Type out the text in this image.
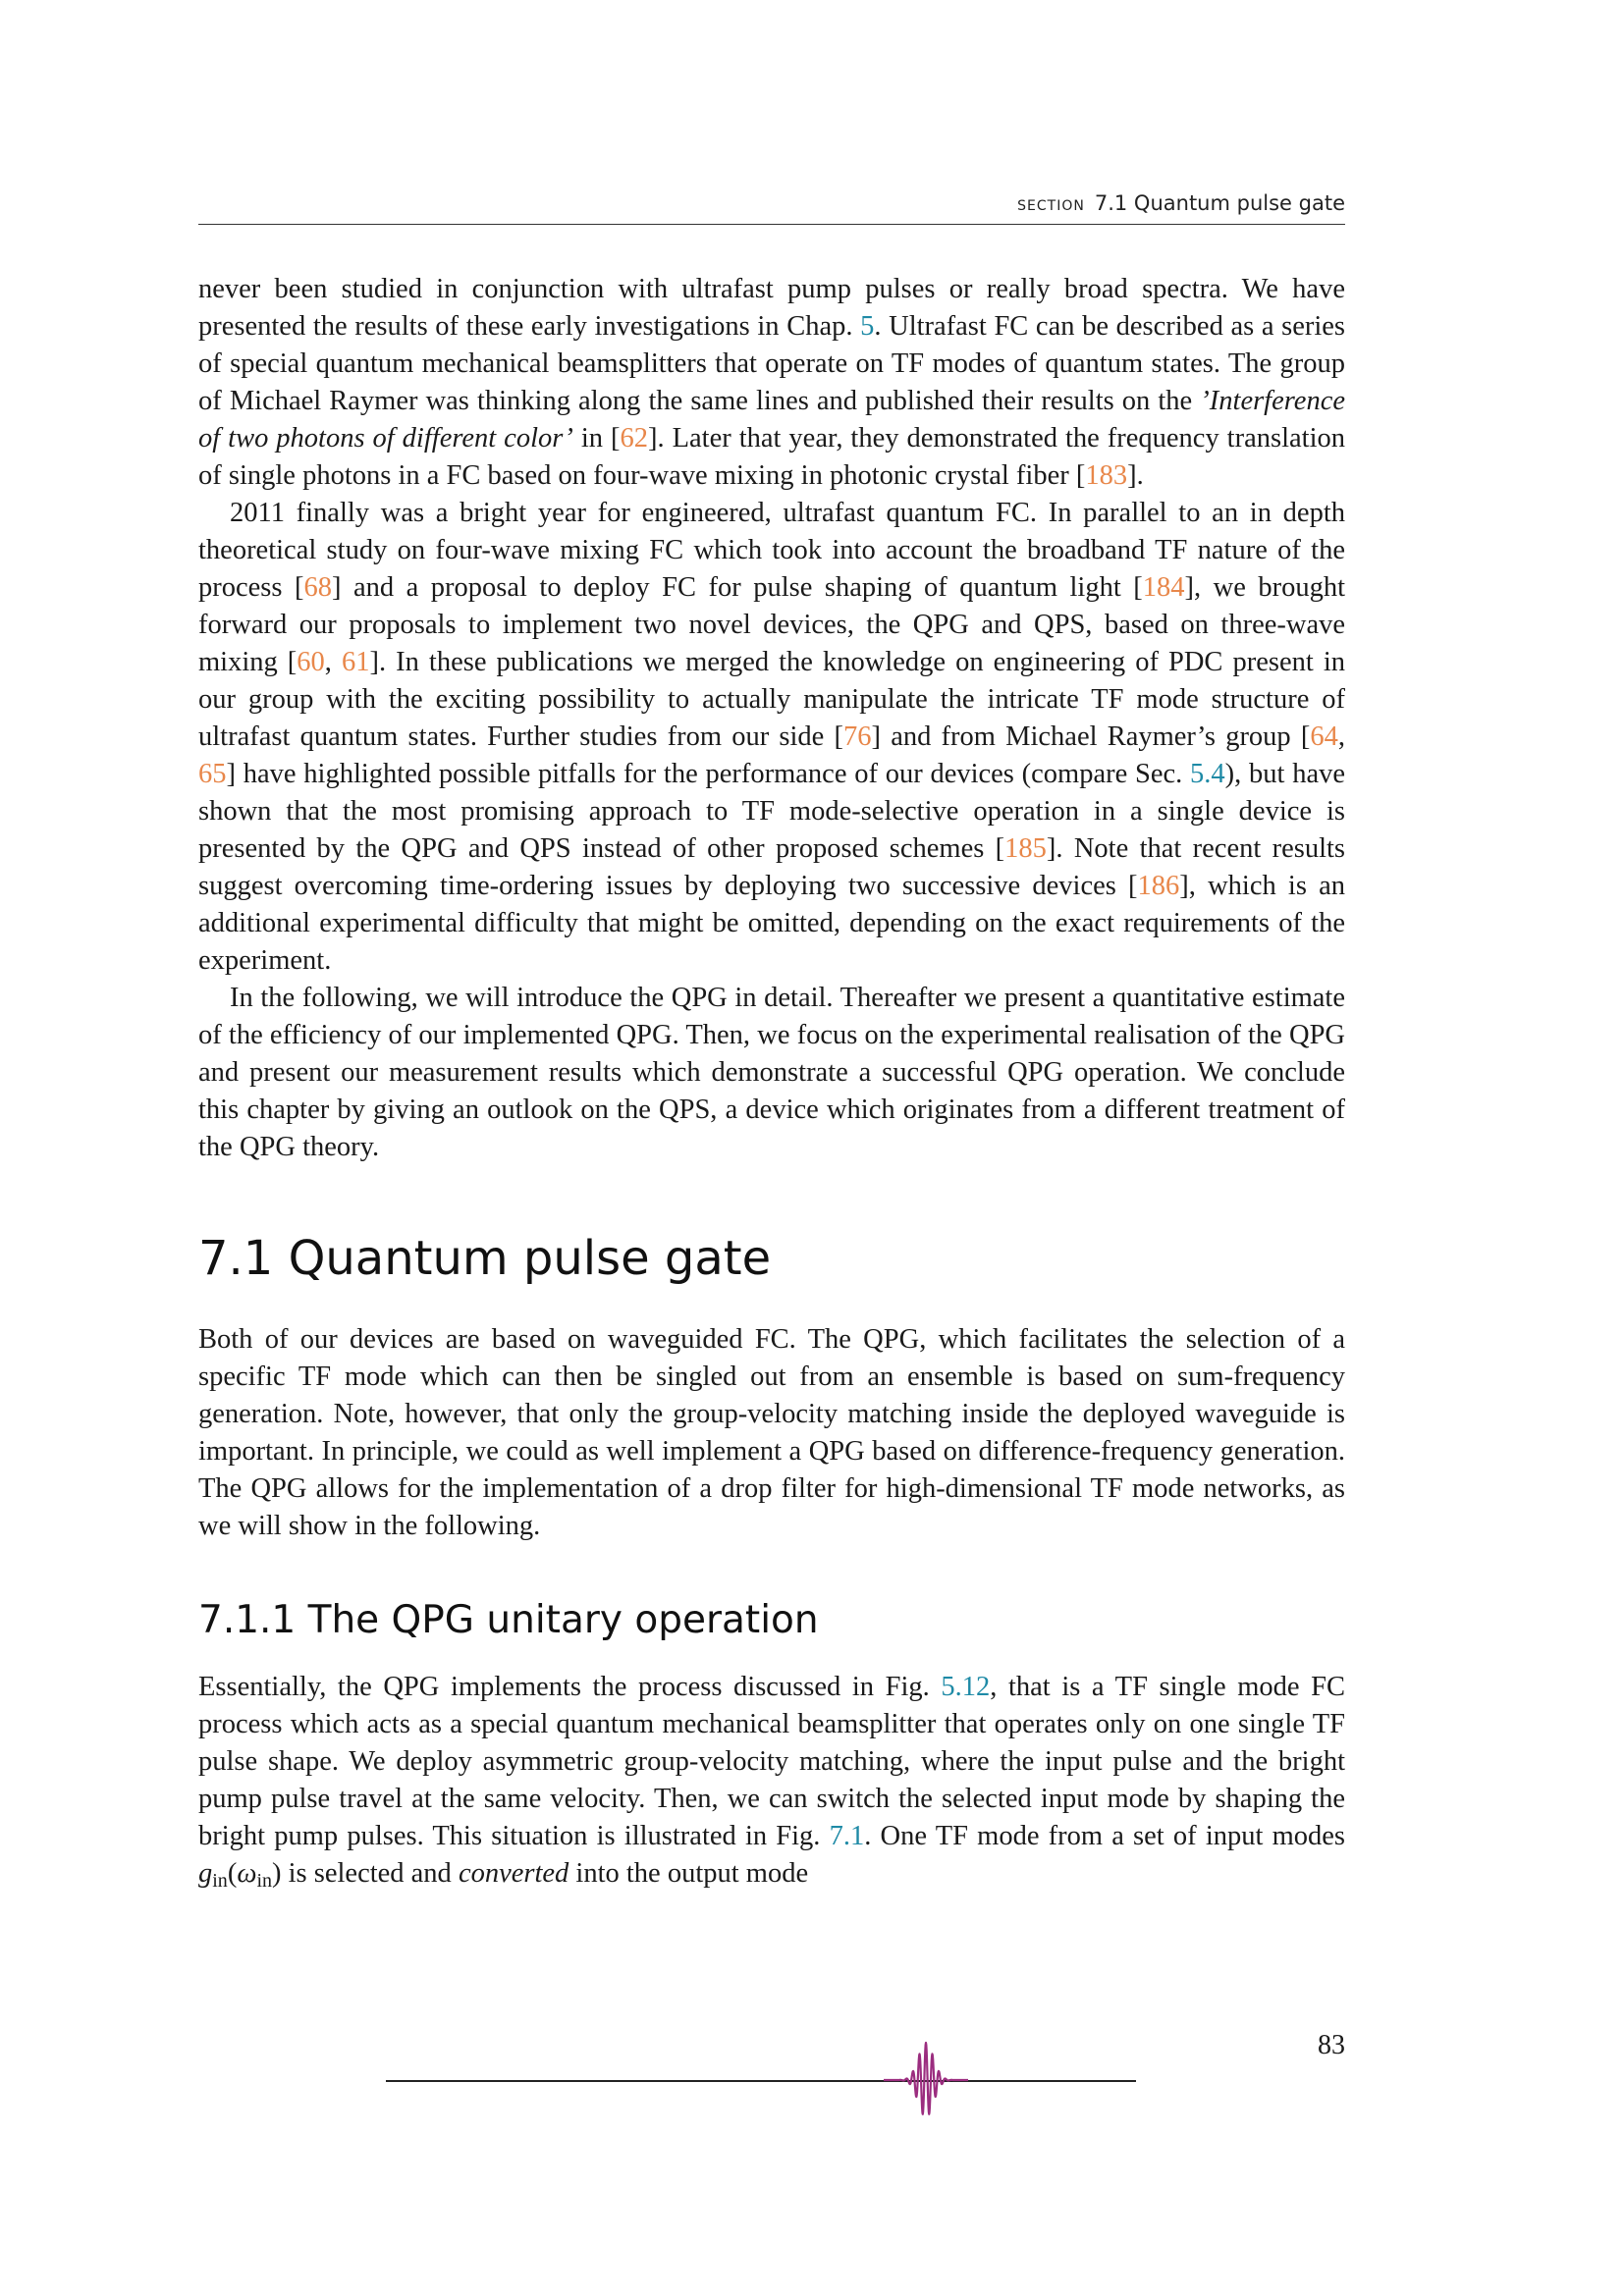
section 7.1 Quantum pulse gate

never been studied in conjunction with ultrafast pump pulses or really broad spectra. We have presented the results of these early investigations in Chap. 5. Ultrafast FC can be described as a series of special quantum mechanical beamsplitters that operate on TF modes of quantum states. The group of Michael Raymer was thinking along the same lines and published their results on the ’Interference of two photons of different color’ in [62]. Later that year, they demonstrated the frequency translation of single photons in a FC based on four-wave mixing in photonic crystal fiber [183].

2011 finally was a bright year for engineered, ultrafast quantum FC. In parallel to an in depth theoretical study on four-wave mixing FC which took into account the broadband TF nature of the process [68] and a proposal to deploy FC for pulse shaping of quantum light [184], we brought forward our proposals to implement two novel devices, the QPG and QPS, based on three-wave mixing [60, 61]. In these publications we merged the knowledge on engineering of PDC present in our group with the exciting possibility to actually manipulate the intricate TF mode structure of ultrafast quantum states. Further studies from our side [76] and from Michael Raymer’s group [64, 65] have highlighted possible pitfalls for the performance of our devices (compare Sec. 5.4), but have shown that the most promising approach to TF mode-selective operation in a single device is presented by the QPG and QPS instead of other proposed schemes [185]. Note that recent results suggest overcoming time-ordering issues by deploying two successive devices [186], which is an additional experimental difficulty that might be omitted, depending on the exact requirements of the experiment.

In the following, we will introduce the QPG in detail. Thereafter we present a quantitative estimate of the efficiency of our implemented QPG. Then, we focus on the experimental realisation of the QPG and present our measurement results which demonstrate a successful QPG operation. We conclude this chapter by giving an outlook on the QPS, a device which originates from a different treatment of the QPG theory.

7.1 Quantum pulse gate

Both of our devices are based on waveguided FC. The QPG, which facilitates the selection of a specific TF mode which can then be singled out from an ensemble is based on sum-frequency generation. Note, however, that only the group-velocity matching inside the deployed waveguide is important. In principle, we could as well implement a QPG based on difference-frequency generation. The QPG allows for the implementation of a drop filter for high-dimensional TF mode networks, as we will show in the following.

7.1.1 The QPG unitary operation

Essentially, the QPG implements the process discussed in Fig. 5.12, that is a TF single mode FC process which acts as a special quantum mechanical beamsplitter that operates only on one single TF pulse shape. We deploy asymmetric group-velocity matching, where the input pulse and the bright pump pulse travel at the same velocity. Then, we can switch the selected input mode by shaping the bright pump pulses. This situation is illustrated in Fig. 7.1. One TF mode from a set of input modes $g_{in}(\omega_{in})$ is selected and converted into the output mode

83
